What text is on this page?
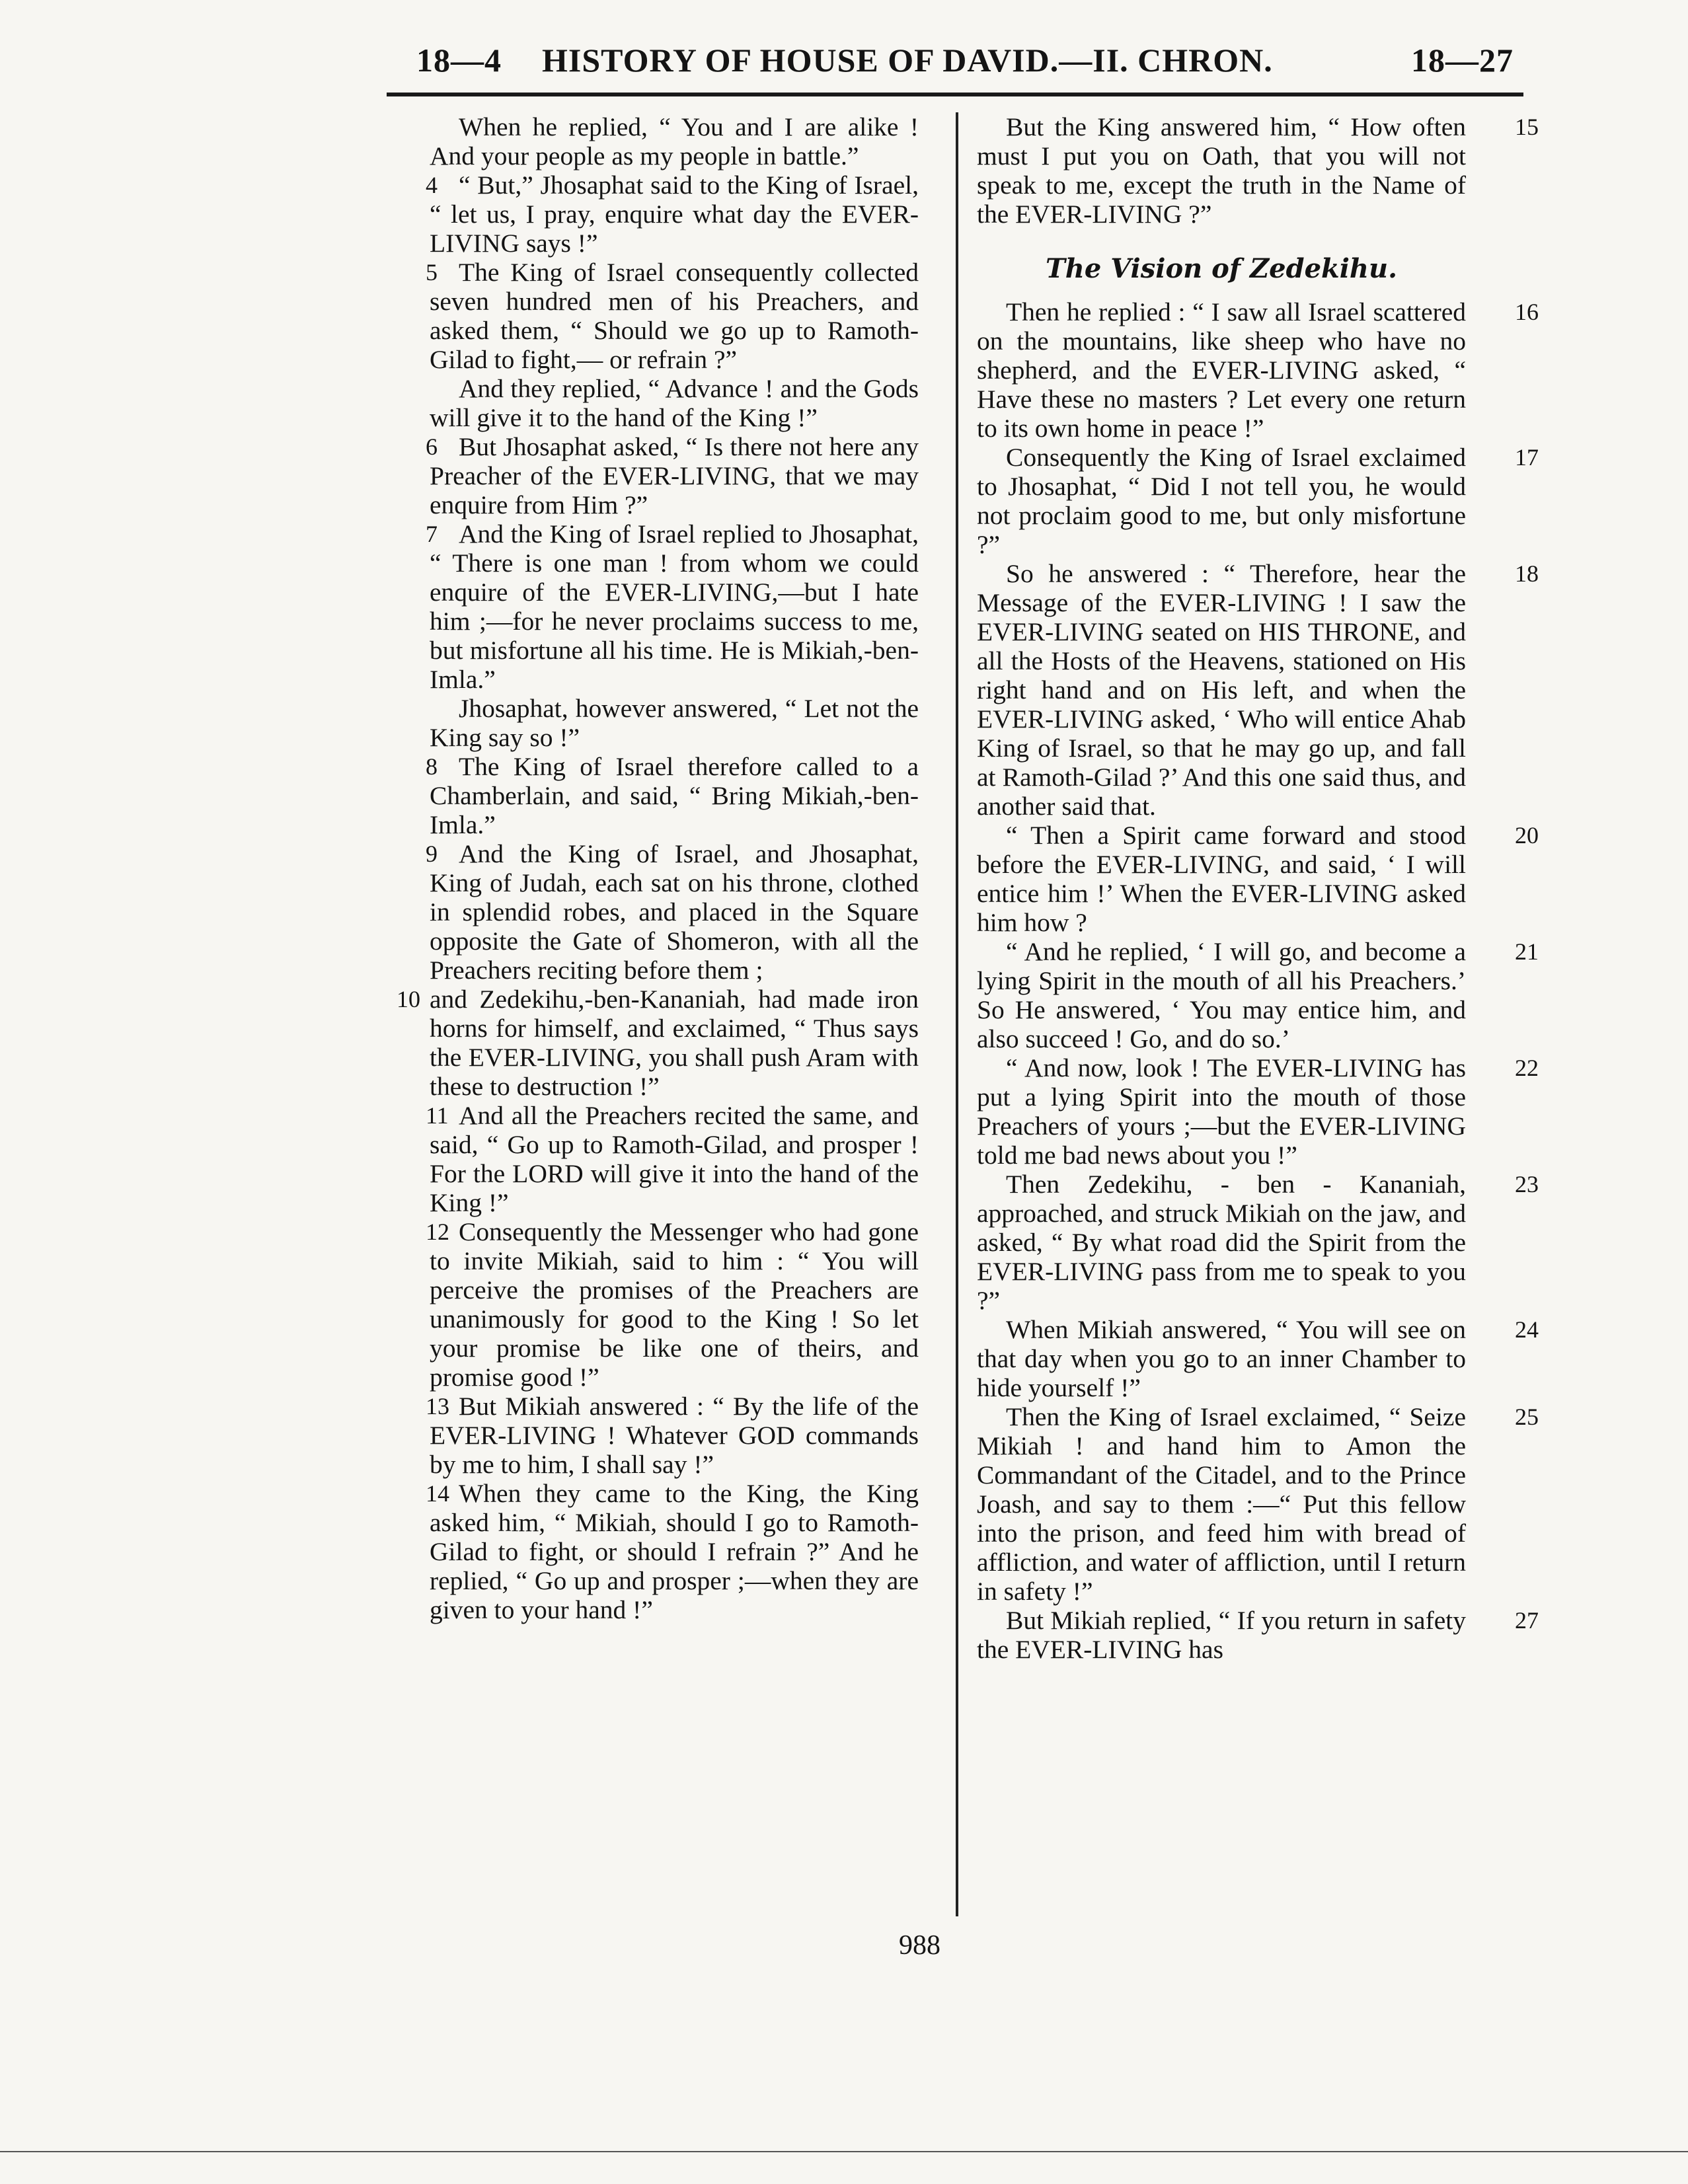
18—4 HISTORY OF HOUSE OF DAVID.—II. CHRON.	18—27
When he replied, “ You and I are alike ! And your people as my people in battle.”
4 “ But,” Jhosaphat said to the King of Israel, “ let us, I pray, enquire what day the EVER-LIVING says !”
5 The King of Israel consequently collected seven hundred men of his Preachers, and asked them, “ Should we go up to Ramoth-Gilad to fight,— or refrain ?”
And they replied, “ Advance ! and the Gods will give it to the hand of the King !”
6 But Jhosaphat asked, “ Is there not here any Preacher of the EVER-LIVING, that we may enquire from Him ?”
7 And the King of Israel replied to Jhosaphat, “ There is one man ! from whom we could enquire of the EVER-LIVING,—but I hate him ;—for he never proclaims success to me, but misfortune all his time. He is Mikiah,-ben-Imla.”
Jhosaphat, however answered, “ Let not the King say so !”
8 The King of Israel therefore called to a Chamberlain, and said, “ Bring Mikiah,-ben-Imla.”
9 And the King of Israel, and Jhosaphat, King of Judah, each sat on his throne, clothed in splendid robes, and placed in the Square opposite the Gate of Shomeron, with all the Preachers reciting before them ;
10 and Zedekihu,-ben-Kananiah, had made iron horns for himself, and exclaimed, “ Thus says the EVER-LIVING, you shall push Aram with these to destruction !”
11 And all the Preachers recited the same, and said, “ Go up to Ramoth-Gilad, and prosper ! For the LORD will give it into the hand of the King !”
12 Consequently the Messenger who had gone to invite Mikiah, said to him : “ You will perceive the promises of the Preachers are unanimously for good to the King ! So let your promise be like one of theirs, and promise good !”
13 But Mikiah answered : “ By the life of the EVER-LIVING ! Whatever GOD commands by me to him, I shall say !”
14 When they came to the King, the King asked him, “ Mikiah, should I go to Ramoth-Gilad to fight, or should I refrain ?” And he replied, “ Go up and prosper ;—when they are given to your hand !”
15
But the King answered him, “ How often must I put you on Oath, that you will not speak to me, except the truth in the Name of the EVER-LIVING ?”
The Vision of Zedekihu.
16
Then he replied : “ I saw all Israel scattered on the mountains, like sheep who have no shepherd, and the EVER-LIVING asked, “ Have these no masters ? Let every one return to its own home in peace !”
17
Consequently the King of Israel exclaimed to Jhosaphat, “ Did I not tell you, he would not proclaim good to me, but only misfortune ?”
18
So he answered : “ Therefore, hear the Message of the EVER-LIVING ! I saw the EVER-LIVING seated on HIS THRONE, and all the Hosts of the Heavens, stationed on His right hand and on His left, and when the EVER-LIVING asked, ‘ Who will entice Ahab King of Israel, so that he may go up, and fall at Ramoth-Gilad ?’ And this one said thus, and another said that.
20
“ Then a Spirit came forward and stood before the EVER-LIVING, and said, ‘ I will entice him !’ When the EVER-LIVING asked him how ?
21
“ And he replied, ‘ I will go, and become a lying Spirit in the mouth of all his Preachers.’ So He answered, ‘ You may entice him, and also succeed ! Go, and do so.’
22
“ And now, look ! The EVER-LIVING has put a lying Spirit into the mouth of those Preachers of yours ;—but the EVER-LIVING told me bad news about you !”
23
Then Zedekihu, - ben - Kananiah, approached, and struck Mikiah on the jaw, and asked, “ By what road did the Spirit from the EVER-LIVING pass from me to speak to you ?”
24
When Mikiah answered, “ You will see on that day when you go to an inner Chamber to hide yourself !”
25
Then the King of Israel exclaimed, “ Seize Mikiah ! and hand him to Amon the Commandant of the Citadel, and to the Prince Joash, and say to them :—“ Put this fellow into the prison, and feed him with bread of affliction, and water of affliction, until I return in safety !”
27
But Mikiah replied, “ If you return in safety the EVER-LIVING has
988
